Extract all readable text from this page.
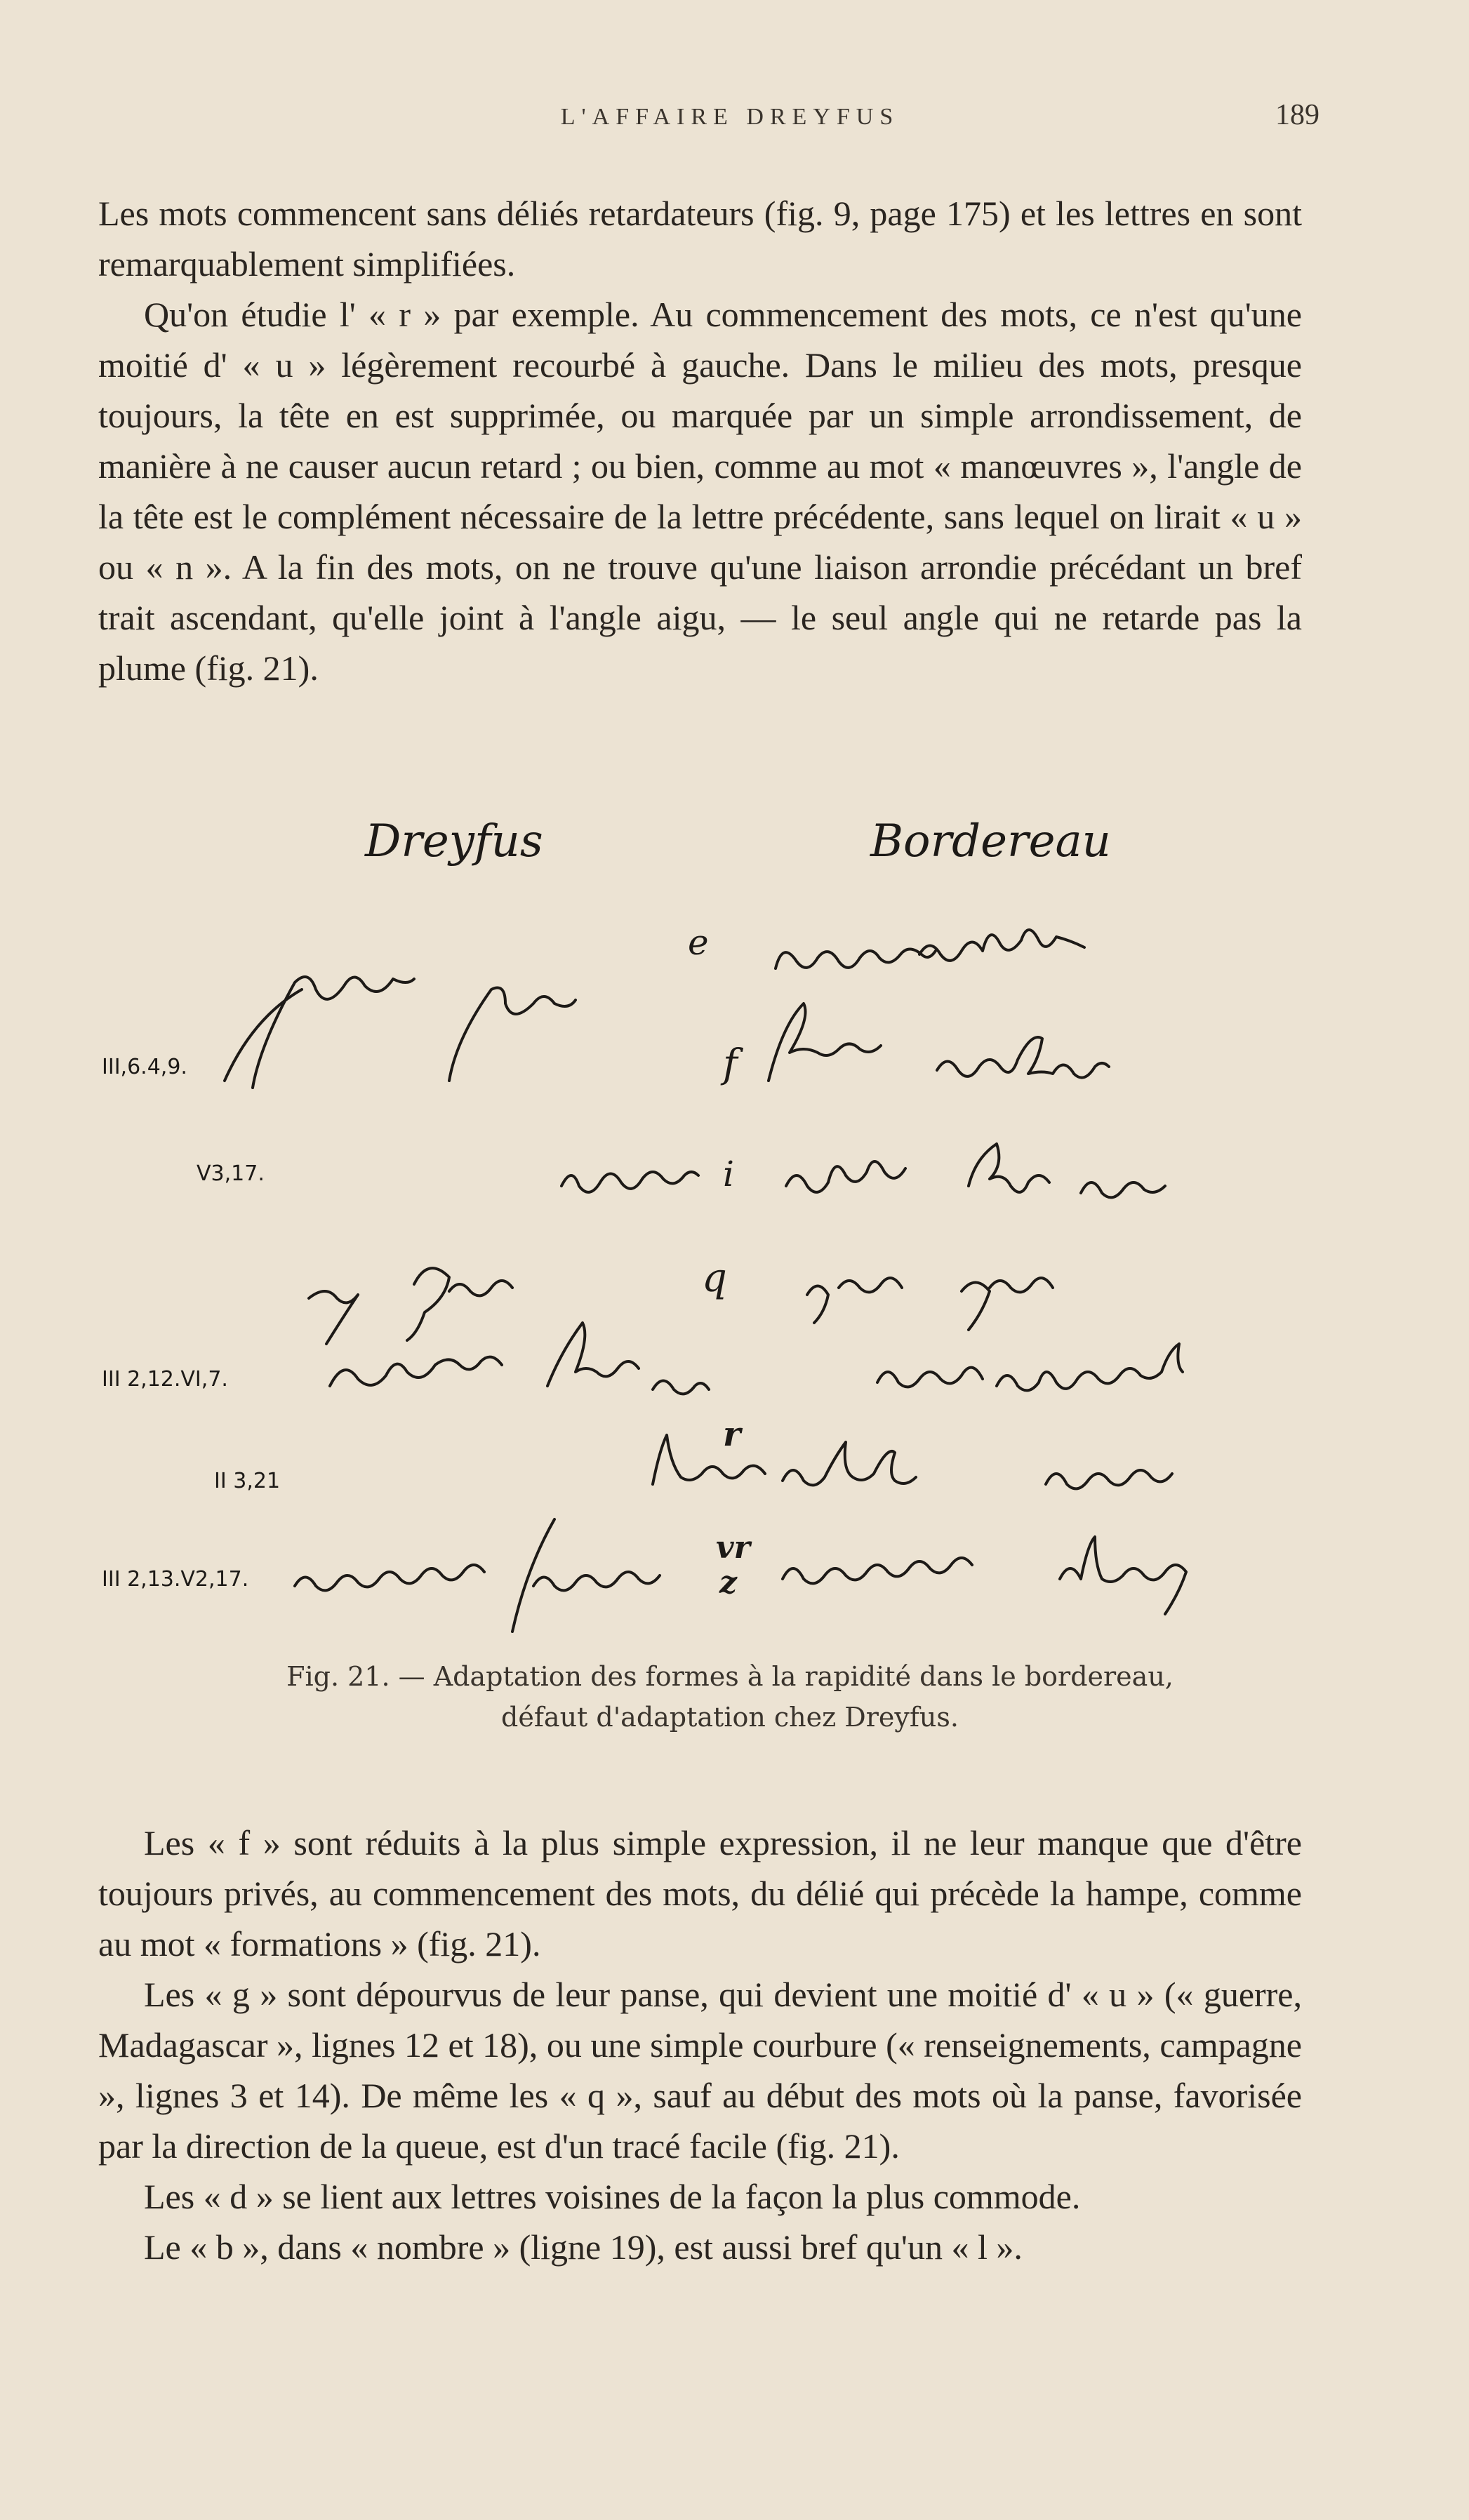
L'AFFAIRE DREYFUS	189

Les mots commencent sans déliés retardateurs (fig. 9, page 175) et les lettres en sont remarquablement simplifiées.

Qu'on étudie l' « r » par exemple. Au commencement des mots, ce n'est qu'une moitié d' « u » légèrement recourbé à gauche. Dans le milieu des mots, presque toujours, la tête en est supprimée, ou marquée par un simple arrondissement, de manière à ne causer aucun retard ; ou bien, comme au mot « manœuvres », l'angle de la tête est le complément nécessaire de la lettre précédente, sans lequel on lirait « u » ou « n ». A la fin des mots, on ne trouve qu'une liaison arrondie précédant un bref trait ascendant, qu'elle joint à l'angle aigu, — le seul angle qui ne retarde pas la plume (fig. 21).

Dreyfus	Bordereau
e
f
i
q
r
vr
z
III,6.4,9.
V3,17.
III 2,12.VI,7.
II 3,21
III 2,13.V2,17.
Fig. 21. — Adaptation des formes à la rapidité dans le bordereau,
défaut d'adaptation chez Dreyfus.

Les « f » sont réduits à la plus simple expression, il ne leur manque que d'être toujours privés, au commencement des mots, du délié qui précède la hampe, comme au mot « formations » (fig. 21).

Les « g » sont dépourvus de leur panse, qui devient une moitié d' « u » (« guerre, Madagascar », lignes 12 et 18), ou une simple courbure (« renseignements, campagne », lignes 3 et 14). De même les « q », sauf au début des mots où la panse, favorisée par la direction de la queue, est d'un tracé facile (fig. 21).

Les « d » se lient aux lettres voisines de la façon la plus commode.

Le « b », dans « nombre » (ligne 19), est aussi bref qu'un « l ».
